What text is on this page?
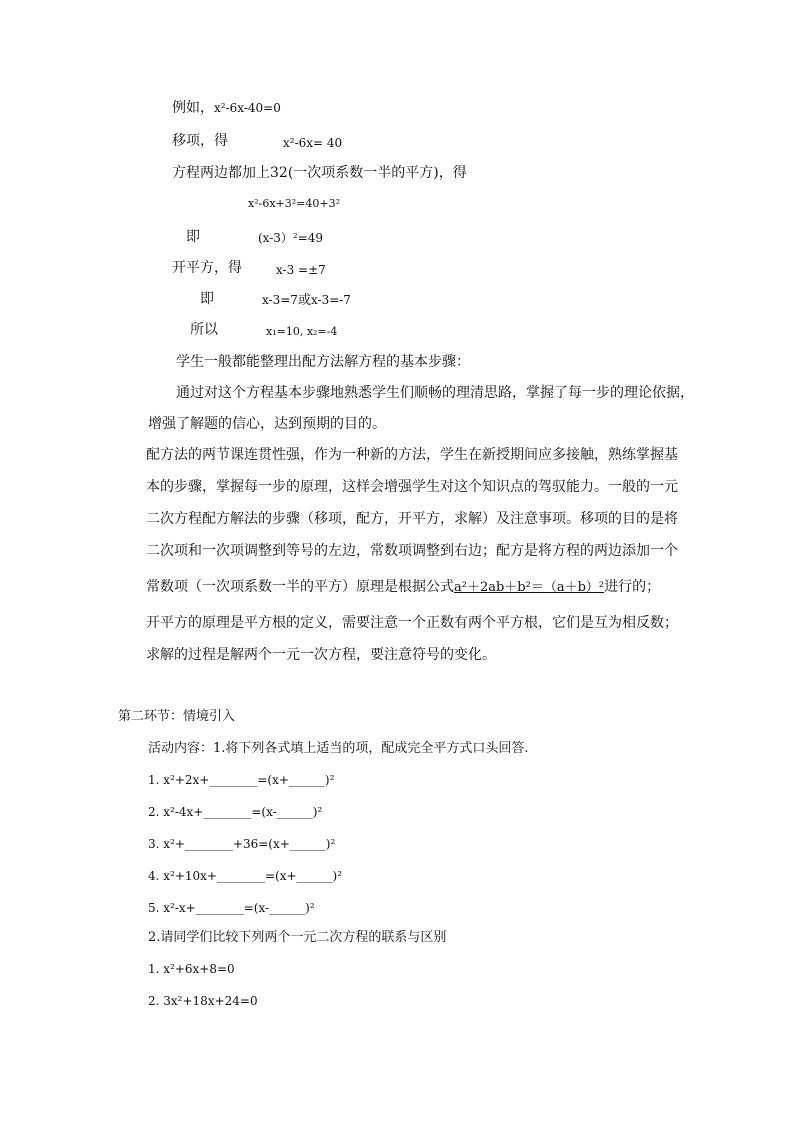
例如，x²-6x-40=0
移项，得	x²-6x= 40
方程两边都加上32(一次项系数一半的平方)，得
x²-6x+3²=40+3²
即	(x-3）²=49
开平方，得	x-3 =±7
即	x-3=7或x-3=-7
所以	x₁=10, x₂=-4
学生一般都能整理出配方法解方程的基本步骤：
通过对这个方程基本步骤地熟悉学生们顺畅的理清思路，掌握了每一步的理论依据，
增强了解题的信心，达到预期的目的。
配方法的两节课连贯性强，作为一种新的方法，学生在新授期间应多接触，熟练掌握基
本的步骤，掌握每一步的原理，这样会增强学生对这个知识点的驾驭能力。一般的一元
二次方程配方解法的步骤（移项，配方，开平方，求解）及注意事项。移项的目的是将
二次项和一次项调整到等号的左边，常数项调整到右边；配方是将方程的两边添加一个
常数项（一次项系数一半的平方）原理是根据公式a²＋2ab＋b²＝（a＋b）²进行的；
开平方的原理是平方根的定义，需要注意一个正数有两个平方根，它们是互为相反数；
求解的过程是解两个一元一次方程，要注意符号的变化。
第二环节：情境引入
活动内容：1.将下列各式填上适当的项，配成完全平方式口头回答.
1. x²+2x+________=(x+______)²
2. x²-4x+________=(x-______)²
3. x²+________+36=(x+______)²
4. x²+10x+________=(x+______)²
5. x²-x+________=(x-______)²
2.请同学们比较下列两个一元二次方程的联系与区别
1. x²+6x+8=0
2. 3x²+18x+24=0
